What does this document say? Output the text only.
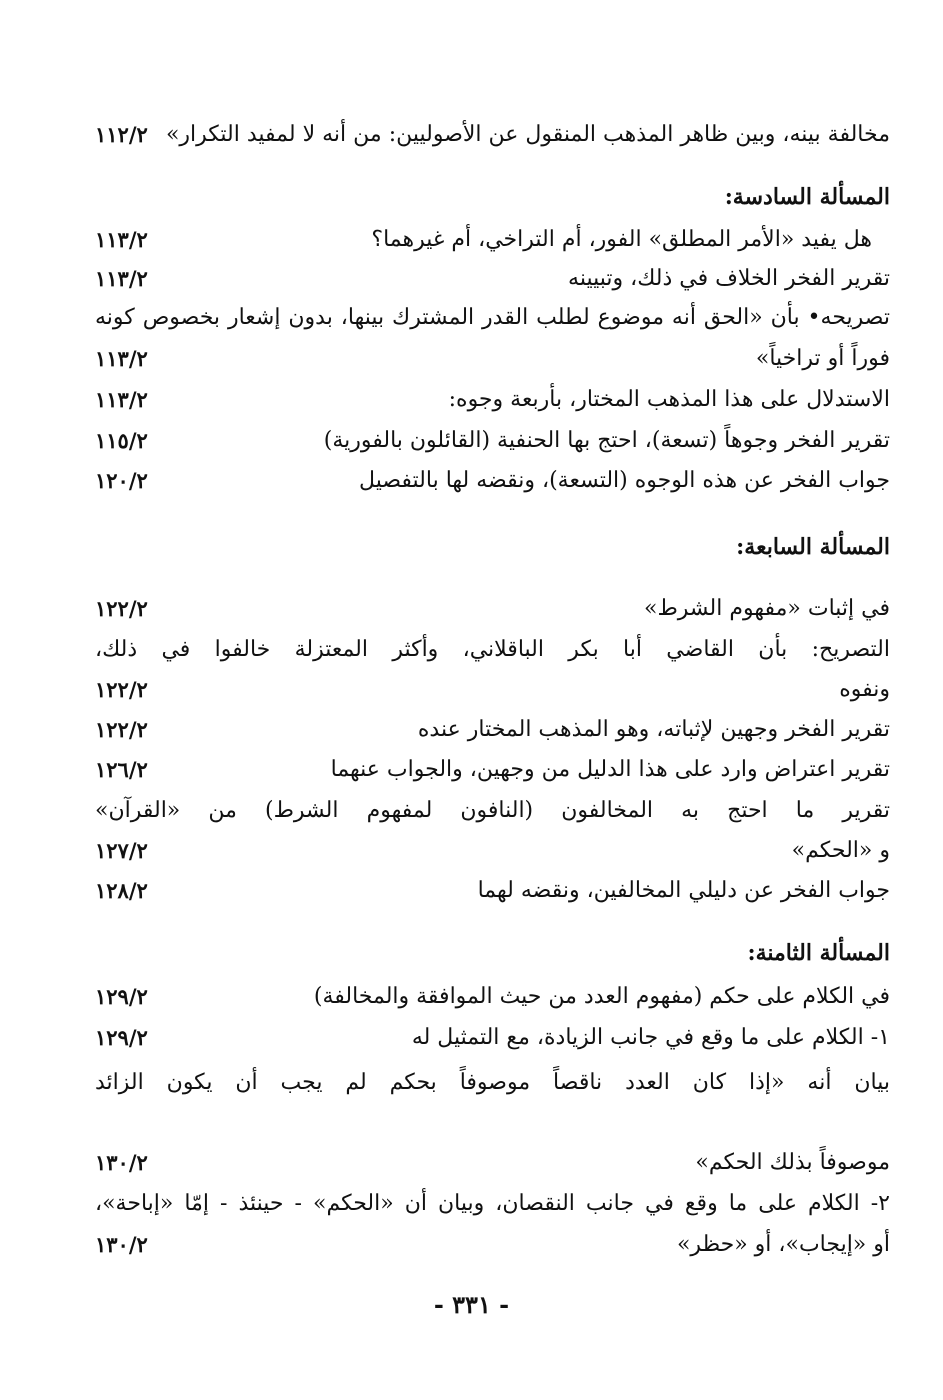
مخالفة بينه، وبين ظاهر المذهب المنقول عن الأصوليين: من أنه لا لمفيد التكرار»
١١٢/٢
المسألة السادسة:
هل يفيد «الأمر المطلق» الفور، أم التراخي، أم غيرهما؟
١١٣/٢
تقرير الفخر الخلاف في ذلك، وتبيينه
١١٣/٢
تصريحه• بأن «الحق أنه موضوع لطلب القدر المشترك بينها، بدون إشعار بخصوص كونه
فوراً أو تراخياً»
١١٣/٢
الاستدلال على هذا المذهب المختار، بأربعة وجوه:
١١٣/٢
تقرير الفخر وجوهاً (تسعة)، احتج بها الحنفية (القائلون بالفورية)
١١٥/٢
جواب الفخر عن هذه الوجوه (التسعة)، ونقضه لها بالتفصيل
١٢٠/٢
المسألة السابعة:
في إثبات «مفهوم الشرط»
١٢٢/٢
التصريح: بأن القاضي أبا بكر الباقلاني، وأكثر المعتزلة خالفوا في ذلك،
ونفوه
١٢٢/٢
تقرير الفخر وجهين لإثباته، وهو المذهب المختار عنده
١٢٢/٢
تقرير اعتراض وارد على هذا الدليل من وجهين، والجواب عنهما
١٢٦/٢
تقرير ما احتج به المخالفون (النافون لمفهوم الشرط) من «القرآن»
و «الحكم»
١٢٧/٢
جواب الفخر عن دليلي المخالفين، ونقضه لهما
١٢٨/٢
المسألة الثامنة:
في الكلام على حكم (مفهوم العدد من حيث الموافقة والمخالفة)
١٢٩/٢
١- الكلام على ما وقع في جانب الزيادة، مع التمثيل له
١٢٩/٢
بيان أنه «إذا كان العدد ناقصاً موصوفاً بحكم لم يجب أن يكون الزائد
موصوفاً بذلك الحكم»
١٣٠/٢
٢- الكلام على ما وقع في جانب النقصان، وبيان أن «الحكم» - حينئذ - إمّا «إباحة»،
أو «إيجاب»، أو «حظر»
١٣٠/٢
- ٣٣١ -
